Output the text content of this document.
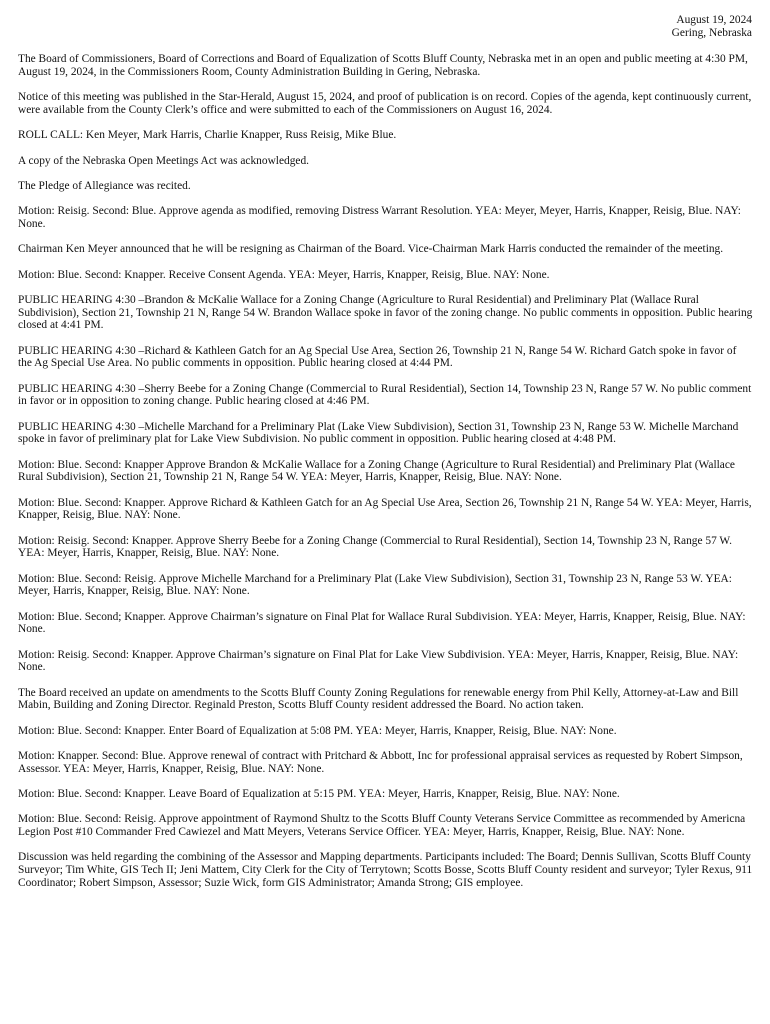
August 19, 2024
Gering, Nebraska

The Board of Commissioners, Board of Corrections and Board of Equalization of Scotts Bluff County, Nebraska met in an open and public meeting at 4:30 PM, August 19, 2024, in the Commissioners Room, County Administration Building in Gering, Nebraska.

Notice of this meeting was published in the Star-Herald, August 15, 2024, and proof of publication is on record. Copies of the agenda, kept continuously current, were available from the County Clerk’s office and were submitted to each of the Commissioners on August 16, 2024.

ROLL CALL: Ken Meyer, Mark Harris, Charlie Knapper, Russ Reisig, Mike Blue.

A copy of the Nebraska Open Meetings Act was acknowledged.

The Pledge of Allegiance was recited.

Motion: Reisig. Second: Blue. Approve agenda as modified, removing Distress Warrant Resolution. YEA: Meyer, Meyer, Harris, Knapper, Reisig, Blue. NAY: None.

Chairman Ken Meyer announced that he will be resigning as Chairman of the Board. Vice-Chairman Mark Harris conducted the remainder of the meeting.

Motion: Blue. Second: Knapper. Receive Consent Agenda. YEA: Meyer, Harris, Knapper, Reisig, Blue. NAY: None.

PUBLIC HEARING 4:30 –Brandon & McKalie Wallace for a Zoning Change (Agriculture to Rural Residential) and Preliminary Plat (Wallace Rural Subdivision), Section 21, Township 21 N, Range 54 W. Brandon Wallace spoke in favor of the zoning change. No public comments in opposition. Public hearing closed at 4:41 PM.

PUBLIC HEARING 4:30 –Richard & Kathleen Gatch for an Ag Special Use Area, Section 26, Township 21 N, Range 54 W. Richard Gatch spoke in favor of the Ag Special Use Area. No public comments in opposition. Public hearing closed at 4:44 PM.

PUBLIC HEARING 4:30 –Sherry Beebe for a Zoning Change (Commercial to Rural Residential), Section 14, Township 23 N, Range 57 W. No public comment in favor or in opposition to zoning change. Public hearing closed at 4:46 PM.

PUBLIC HEARING 4:30 –Michelle Marchand for a Preliminary Plat (Lake View Subdivision), Section 31, Township 23 N, Range 53 W. Michelle Marchand spoke in favor of preliminary plat for Lake View Subdivision. No public comment in opposition. Public hearing closed at 4:48 PM.

Motion: Blue. Second: Knapper Approve Brandon & McKalie Wallace for a Zoning Change (Agriculture to Rural Residential) and Preliminary Plat (Wallace Rural Subdivision), Section 21, Township 21 N, Range 54 W. YEA: Meyer, Harris, Knapper, Reisig, Blue. NAY: None.

Motion: Blue. Second: Knapper. Approve Richard & Kathleen Gatch for an Ag Special Use Area, Section 26, Township 21 N, Range 54 W. YEA: Meyer, Harris, Knapper, Reisig, Blue. NAY: None.

Motion: Reisig. Second: Knapper. Approve Sherry Beebe for a Zoning Change (Commercial to Rural Residential), Section 14, Township 23 N, Range 57 W. YEA: Meyer, Harris, Knapper, Reisig, Blue. NAY: None.

Motion: Blue. Second: Reisig. Approve Michelle Marchand for a Preliminary Plat (Lake View Subdivision), Section 31, Township 23 N, Range 53 W. YEA: Meyer, Harris, Knapper, Reisig, Blue. NAY: None.

Motion: Blue. Second; Knapper. Approve Chairman’s signature on Final Plat for Wallace Rural Subdivision. YEA: Meyer, Harris, Knapper, Reisig, Blue. NAY: None.

Motion: Reisig. Second: Knapper. Approve Chairman’s signature on Final Plat for Lake View Subdivision. YEA: Meyer, Harris, Knapper, Reisig, Blue. NAY: None.

The Board received an update on amendments to the Scotts Bluff County Zoning Regulations for renewable energy from Phil Kelly, Attorney-at-Law and Bill Mabin, Building and Zoning Director. Reginald Preston, Scotts Bluff County resident addressed the Board. No action taken.

Motion: Blue. Second: Knapper. Enter Board of Equalization at 5:08 PM. YEA: Meyer, Harris, Knapper, Reisig, Blue. NAY: None.

Motion: Knapper. Second: Blue. Approve renewal of contract with Pritchard & Abbott, Inc for professional appraisal services as requested by Robert Simpson, Assessor. YEA: Meyer, Harris, Knapper, Reisig, Blue. NAY: None.

Motion: Blue. Second: Knapper. Leave Board of Equalization at 5:15 PM. YEA: Meyer, Harris, Knapper, Reisig, Blue. NAY: None.

Motion: Blue. Second: Reisig. Approve appointment of Raymond Shultz to the Scotts Bluff County Veterans Service Committee as recommended by Americna Legion Post #10 Commander Fred Cawiezel and Matt Meyers, Veterans Service Officer. YEA: Meyer, Harris, Knapper, Reisig, Blue. NAY: None.

Discussion was held regarding the combining of the Assessor and Mapping departments. Participants included: The Board; Dennis Sullivan, Scotts Bluff County Surveyor; Tim White, GIS Tech II; Jeni Mattem, City Clerk for the City of Terrytown; Scotts Bosse, Scotts Bluff County resident and surveyor; Tyler Rexus, 911 Coordinator; Robert Simpson, Assessor; Suzie Wick, form GIS Administrator; Amanda Strong; GIS employee.
